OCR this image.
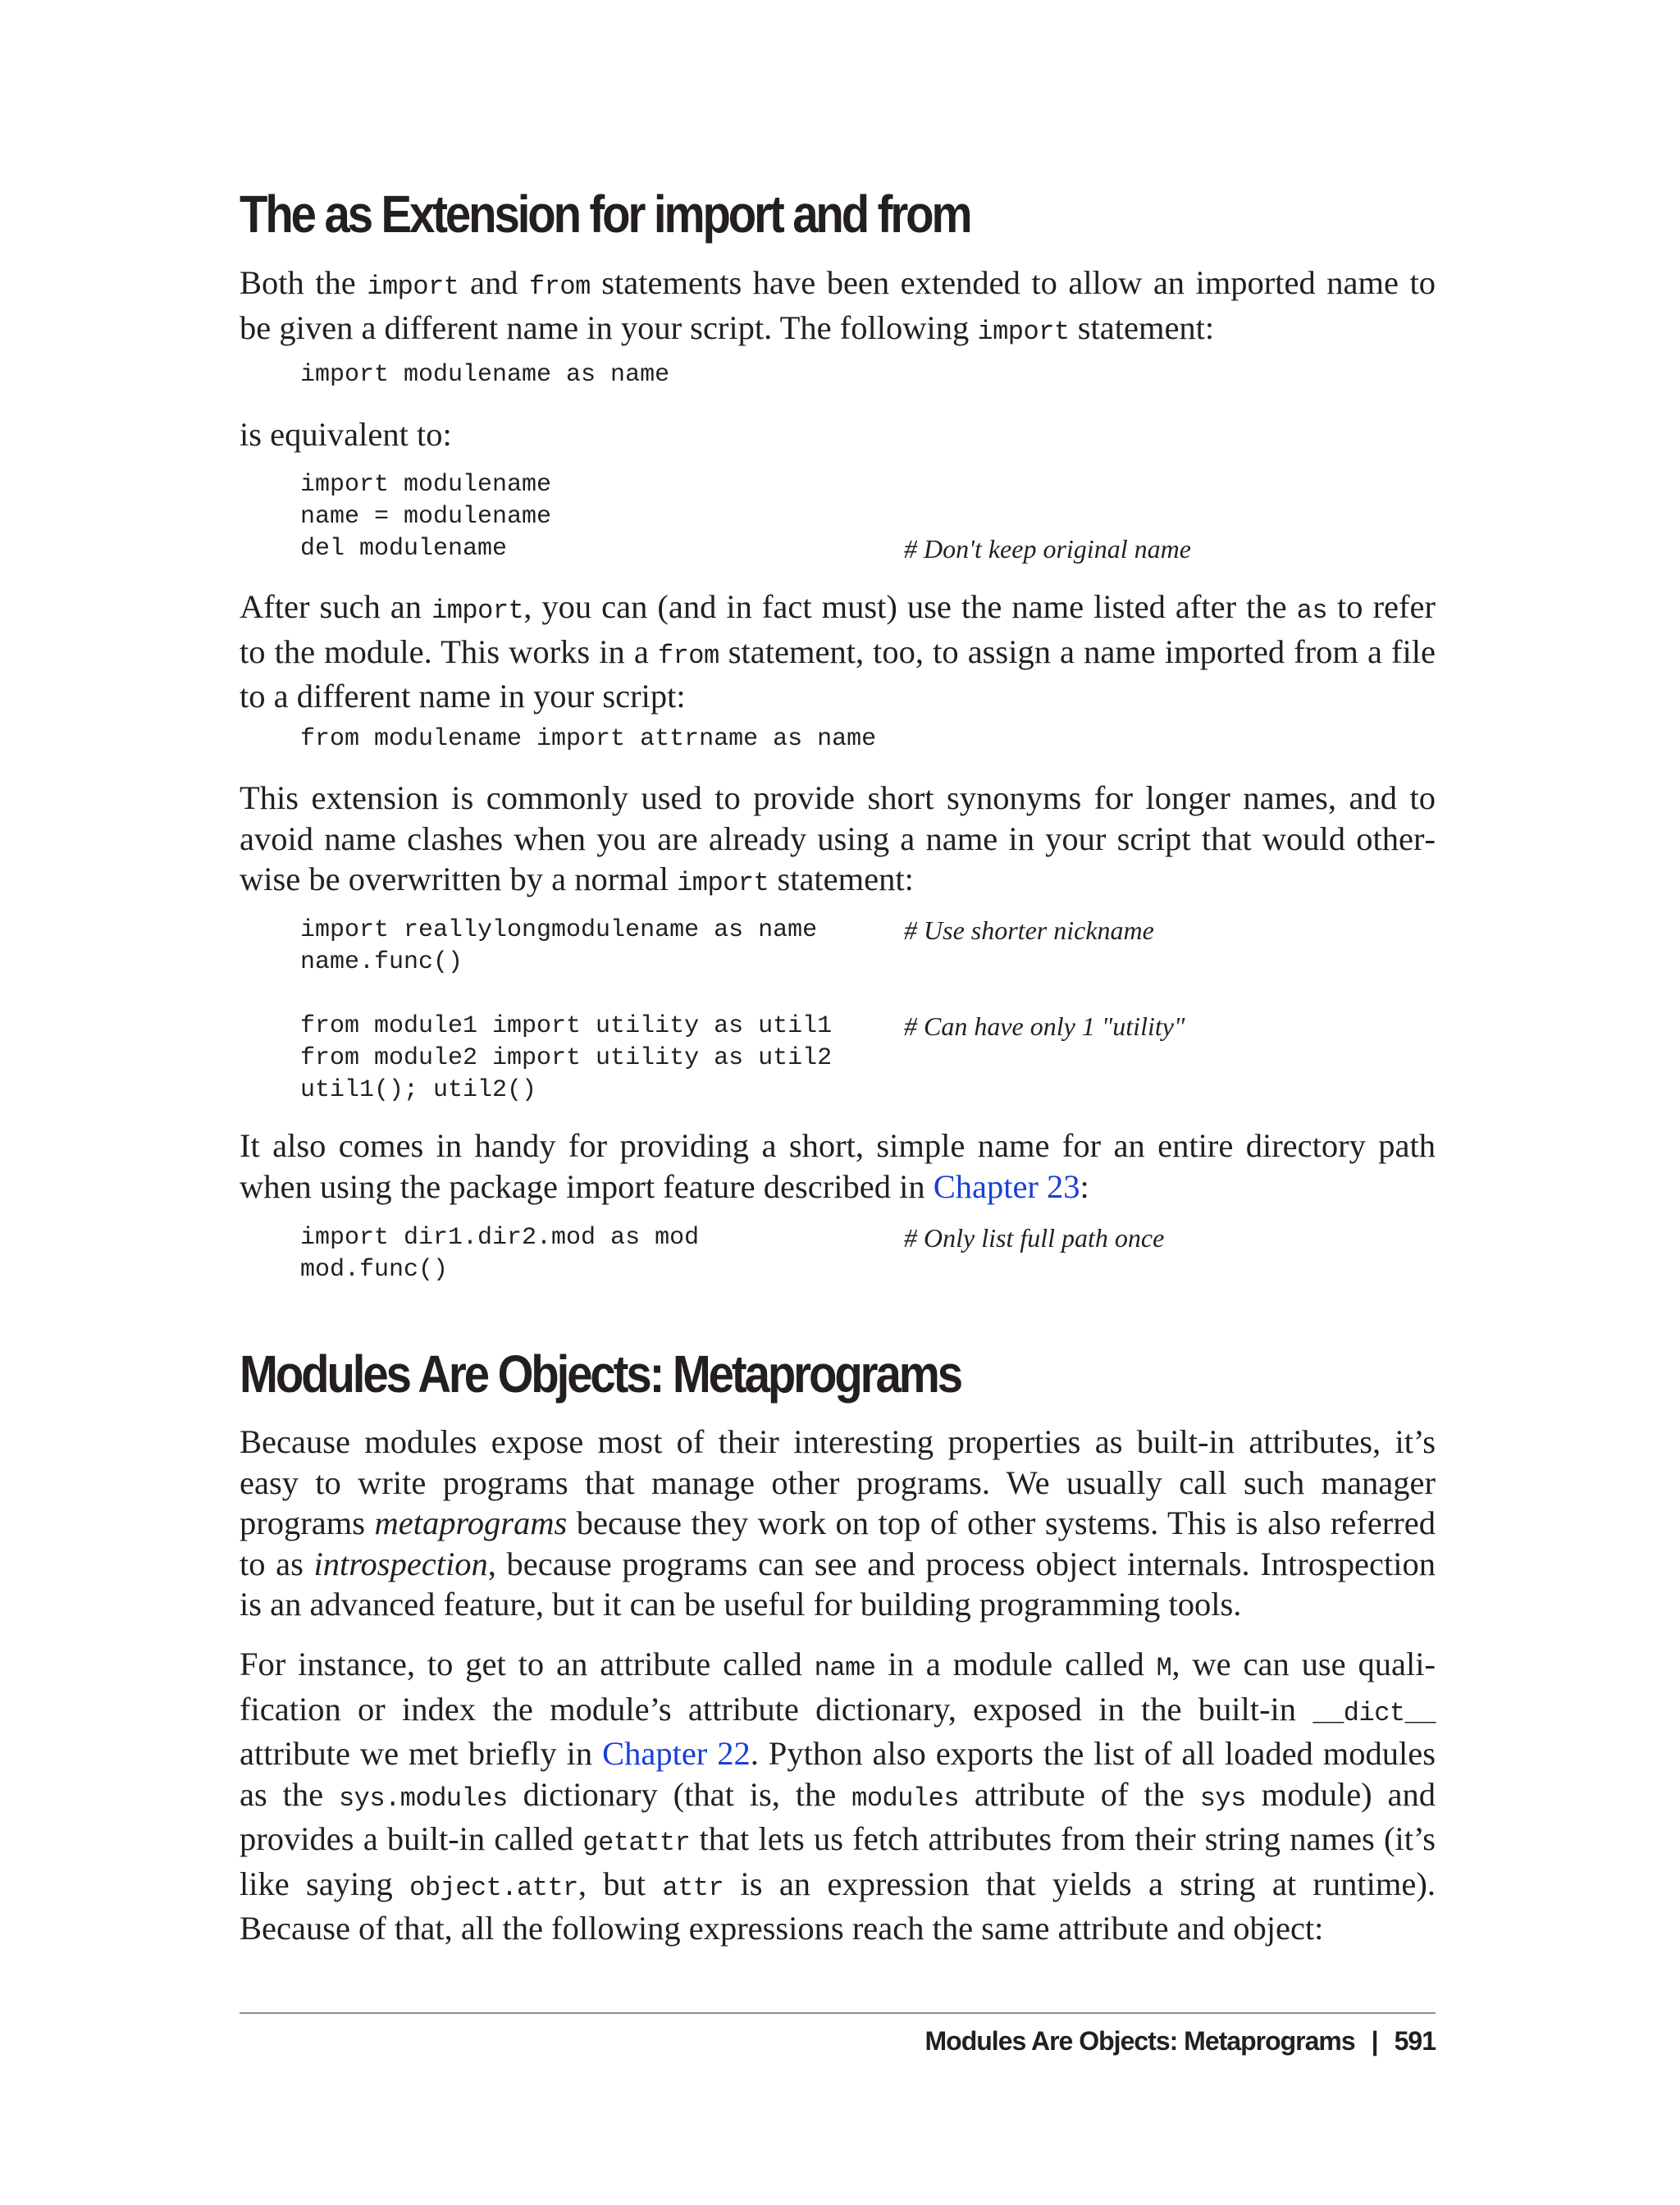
The as Extension for import and from

Both the import and from statements have been extended to allow an imported name to be given a different name in your script. The following import statement:

import modulename as name

is equivalent to:

import modulename
name = modulename
del modulename	# Don't keep original name

After such an import, you can (and in fact must) use the name listed after the as to refer to the module. This works in a from statement, too, to assign a name imported from a file to a different name in your script:

from modulename import attrname as name

This extension is commonly used to provide short synonyms for longer names, and to avoid name clashes when you are already using a name in your script that would otherwise be overwritten by a normal import statement:

import reallylongmodulename as name	# Use shorter nickname
name.func()
from module1 import utility as util1	# Can have only 1 "utility"
from module2 import utility as util2
util1(); util2()

It also comes in handy for providing a short, simple name for an entire directory path when using the package import feature described in Chapter 23:

import dir1.dir2.mod as mod	# Only list full path once
mod.func()
Modules Are Objects: Metaprograms

Because modules expose most of their interesting properties as built-in attributes, it’s easy to write programs that manage other programs. We usually call such manager programs metaprograms because they work on top of other systems. This is also referred to as introspection, because programs can see and process object internals. Introspection is an advanced feature, but it can be useful for building programming tools.

For instance, to get to an attribute called name in a module called M, we can use qualification or index the module’s attribute dictionary, exposed in the built-in __dict__ attribute we met briefly in Chapter 22. Python also exports the list of all loaded modules as the sys.modules dictionary (that is, the modules attribute of the sys module) and provides a built-in called getattr that lets us fetch attributes from their string names (it’s like saying object.attr, but attr is an expression that yields a string at runtime). Because of that, all the following expressions reach the same attribute and object:

Modules Are Objects: Metaprograms | 591
